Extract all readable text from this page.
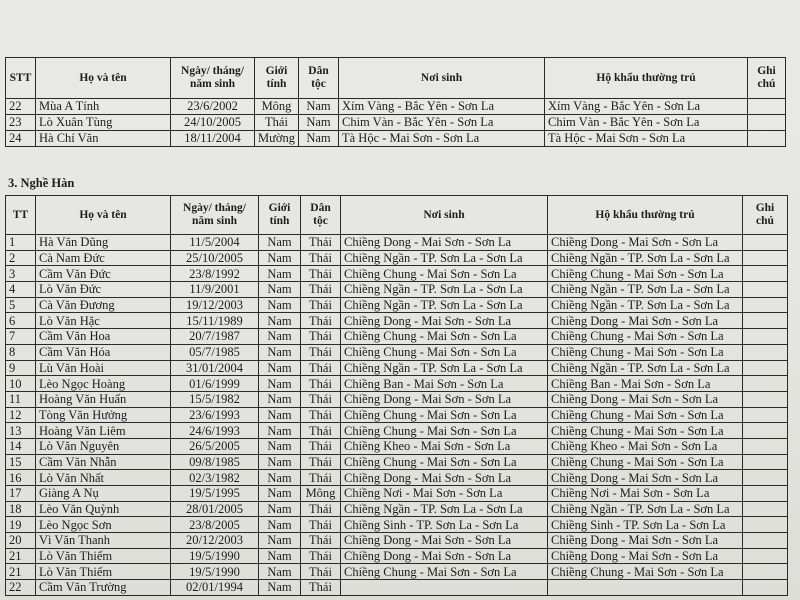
STT	Họ và tên	Ngày/ tháng/ năm sinh	Giới tính	Dân tộc	Nơi sinh	Hộ khẩu thường trú	Ghi chú
22	Mùa A Tính	23/6/2002	Mông	Nam	Xím Vàng - Bắc Yên - Sơn La	Xím Vàng - Bắc Yên - Sơn La	
23	Lò Xuân Tùng	24/10/2005	Thái	Nam	Chim Vàn - Bắc Yên - Sơn La	Chim Vàn - Bắc Yên - Sơn La	
24	Hà Chí Văn	18/11/2004	Mường	Nam	Tà Hộc - Mai Sơn - Sơn La	Tà Hộc - Mai Sơn - Sơn La	
3. Nghề Hàn
TT	Họ và tên	Ngày/ tháng/ năm sinh	Giới tính	Dân tộc	Nơi sinh	Hộ khẩu thường trú	Ghi chú
1	Hà Văn Dũng	11/5/2004	Nam	Thái	Chiềng Dong - Mai Sơn - Sơn La	Chiềng Dong - Mai Sơn - Sơn La	
2	Cà Nam Đức	25/10/2005	Nam	Thái	Chiềng Ngần - TP. Sơn La - Sơn La	Chiềng Ngần - TP. Sơn La - Sơn La	
3	Cầm Văn Đức	23/8/1992	Nam	Thái	Chiềng Chung - Mai Sơn - Sơn La	Chiềng Chung - Mai Sơn - Sơn La	
4	Lò Văn Đức	11/9/2001	Nam	Thái	Chiềng Ngần - TP. Sơn La - Sơn La	Chiềng Ngần - TP. Sơn La - Sơn La	
5	Cà Văn Đương	19/12/2003	Nam	Thái	Chiềng Ngần - TP. Sơn La - Sơn La	Chiềng Ngần - TP. Sơn La - Sơn La	
6	Lò Văn Hặc	15/11/1989	Nam	Thái	Chiềng Dong - Mai Sơn - Sơn La	Chiềng Dong - Mai Sơn - Sơn La	
7	Cầm Văn Hoa	20/7/1987	Nam	Thái	Chiềng Chung - Mai Sơn - Sơn La	Chiềng Chung - Mai Sơn - Sơn La	
8	Cầm Văn Hóa	05/7/1985	Nam	Thái	Chiềng Chung - Mai Sơn - Sơn La	Chiềng Chung - Mai Sơn - Sơn La	
9	Lù Văn Hoài	31/01/2004	Nam	Thái	Chiềng Ngần - TP. Sơn La - Sơn La	Chiềng Ngần - TP. Sơn La - Sơn La	
10	Lèo Ngọc Hoàng	01/6/1999	Nam	Thái	Chiềng Ban - Mai Sơn - Sơn La	Chiềng Ban - Mai Sơn - Sơn La	
11	Hoàng Văn Huấn	15/5/1982	Nam	Thái	Chiềng Dong - Mai Sơn - Sơn La	Chiềng Dong - Mai Sơn - Sơn La	
12	Tòng Văn Hưởng	23/6/1993	Nam	Thái	Chiềng Chung - Mai Sơn - Sơn La	Chiềng Chung - Mai Sơn - Sơn La	
13	Hoàng Văn Liêm	24/6/1993	Nam	Thái	Chiềng Chung - Mai Sơn - Sơn La	Chiềng Chung - Mai Sơn - Sơn La	
14	Lò Văn Nguyên	26/5/2005	Nam	Thái	Chiềng Kheo - Mai Sơn - Sơn La	Chiềng Kheo - Mai Sơn - Sơn La	
15	Cầm Văn Nhẫn	09/8/1985	Nam	Thái	Chiềng Chung - Mai Sơn - Sơn La	Chiềng Chung - Mai Sơn - Sơn La	
16	Lò Văn Nhất	02/3/1982	Nam	Thái	Chiềng Dong - Mai Sơn - Sơn La	Chiềng Dong - Mai Sơn - Sơn La	
17	Giàng A Nụ	19/5/1995	Nam	Mông	Chiềng Nơi - Mai Sơn - Sơn La	Chiềng Nơi - Mai Sơn - Sơn La	
18	Lèo Văn Quỳnh	28/01/2005	Nam	Thái	Chiềng Ngần - TP. Sơn La - Sơn La	Chiềng Ngần - TP. Sơn La - Sơn La	
19	Lèo Ngọc Sơn	23/8/2005	Nam	Thái	Chiềng Sinh - TP. Sơn La - Sơn La	Chiềng Sinh - TP. Sơn La - Sơn La	
20	Vì Văn Thanh	20/12/2003	Nam	Thái	Chiềng Dong - Mai Sơn - Sơn La	Chiềng Dong - Mai Sơn - Sơn La	
21	Lò Văn Thiếm	19/5/1990	Nam	Thái	Chiềng Dong - Mai Sơn - Sơn La	Chiềng Dong - Mai Sơn - Sơn La	
21	Lò Văn Thiếm	19/5/1990	Nam	Thái	Chiềng Chung - Mai Sơn - Sơn La	Chiềng Chung - Mai Sơn - Sơn La	
22	Cầm Văn Trường	02/01/1994	Nam	Thái			
